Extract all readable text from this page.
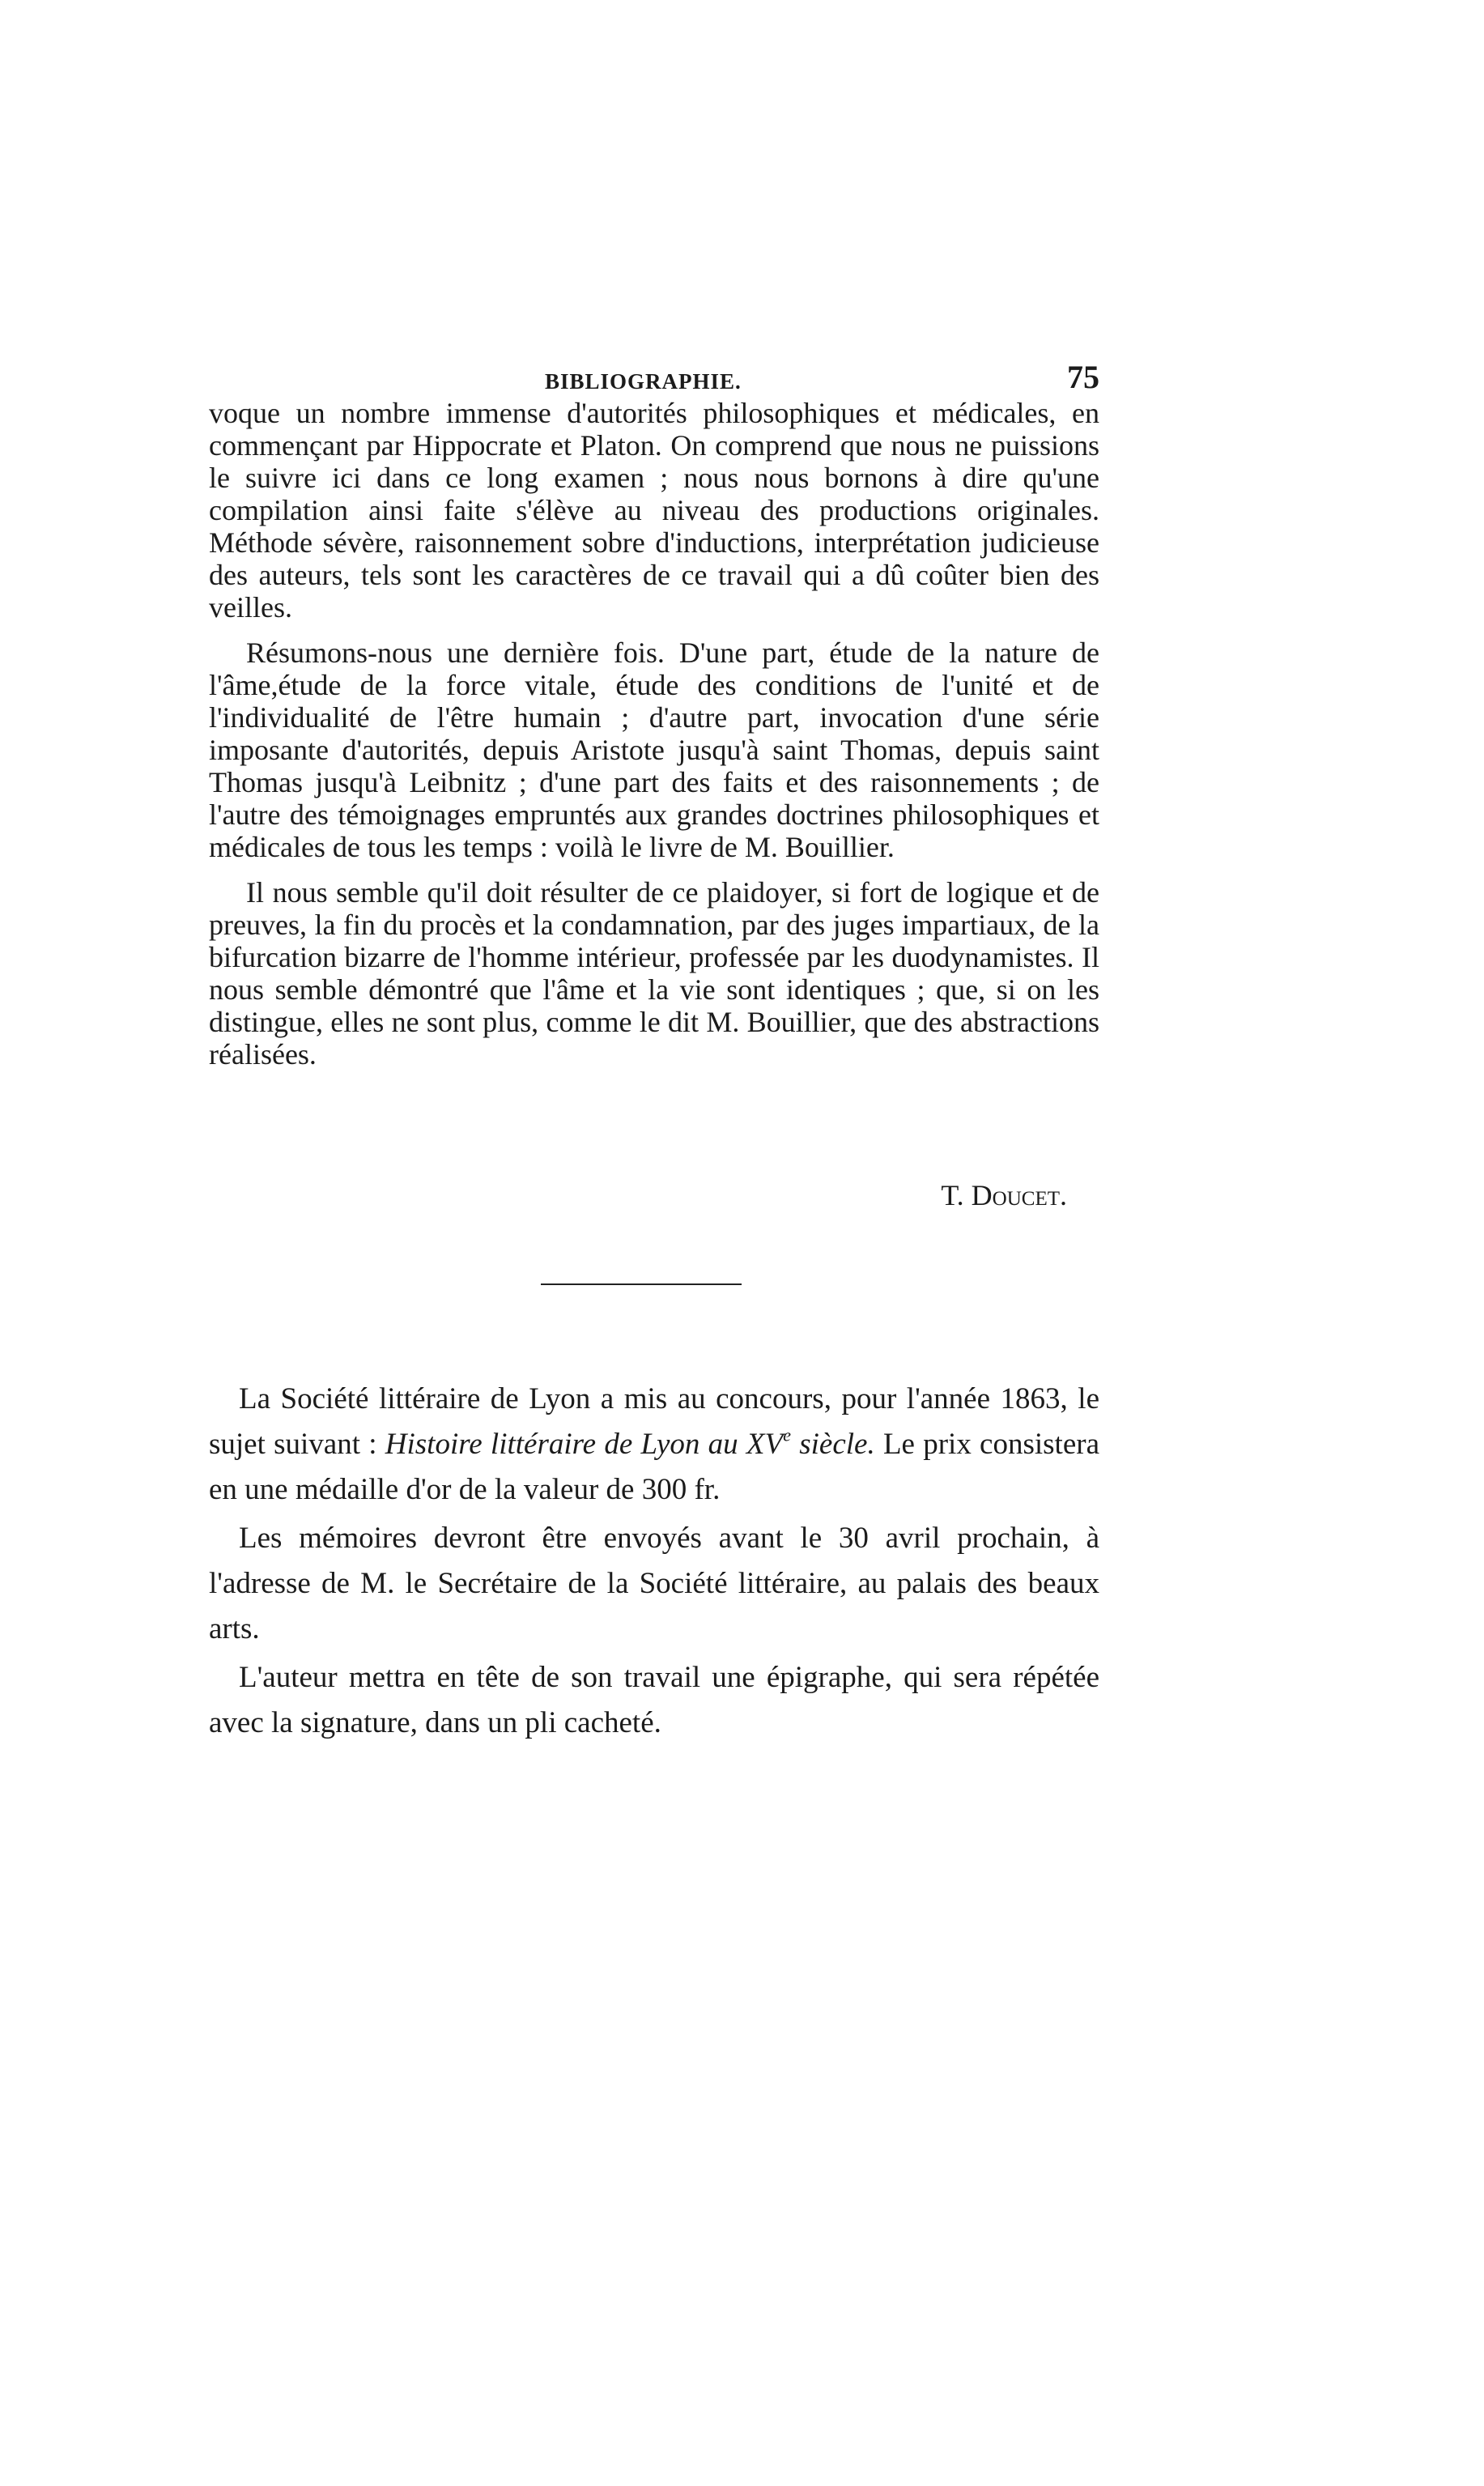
BIBLIOGRAPHIE.	75

voque un nombre immense d'autorités philosophiques et médicales, en commençant par Hippocrate et Platon. On comprend que nous ne puissions le suivre ici dans ce long examen ; nous nous bornons à dire qu'une compilation ainsi faite s'élève au niveau des productions originales. Méthode sévère, raisonnement sobre d'inductions, interprétation judicieuse des auteurs, tels sont les caractères de ce travail qui a dû coûter bien des veilles.

Résumons-nous une dernière fois. D'une part, étude de la nature de l'âme,étude de la force vitale, étude des conditions de l'unité et de l'individualité de l'être humain ; d'autre part, invocation d'une série imposante d'autorités, depuis Aristote jusqu'à saint Thomas, depuis saint Thomas jusqu'à Leibnitz ; d'une part des faits et des raisonnements ; de l'autre des témoignages empruntés aux grandes doctrines philosophiques et médicales de tous les temps : voilà le livre de M. Bouillier.

Il nous semble qu'il doit résulter de ce plaidoyer, si fort de logique et de preuves, la fin du procès et la condamnation, par des juges impartiaux, de la bifurcation bizarre de l'homme intérieur, professée par les duodynamistes. Il nous semble démontré que l'âme et la vie sont identiques ; que, si on les distingue, elles ne sont plus, comme le dit M. Bouillier, que des abstractions réalisées.

T. Doucet.

La Société littéraire de Lyon a mis au concours, pour l'année 1863, le sujet suivant : Histoire littéraire de Lyon au XVe siècle. Le prix consistera en une médaille d'or de la valeur de 300 fr.

Les mémoires devront être envoyés avant le 30 avril prochain, à l'adresse de M. le Secrétaire de la Société littéraire, au palais des beaux arts.

L'auteur mettra en tête de son travail une épigraphe, qui sera répétée avec la signature, dans un pli cacheté.
